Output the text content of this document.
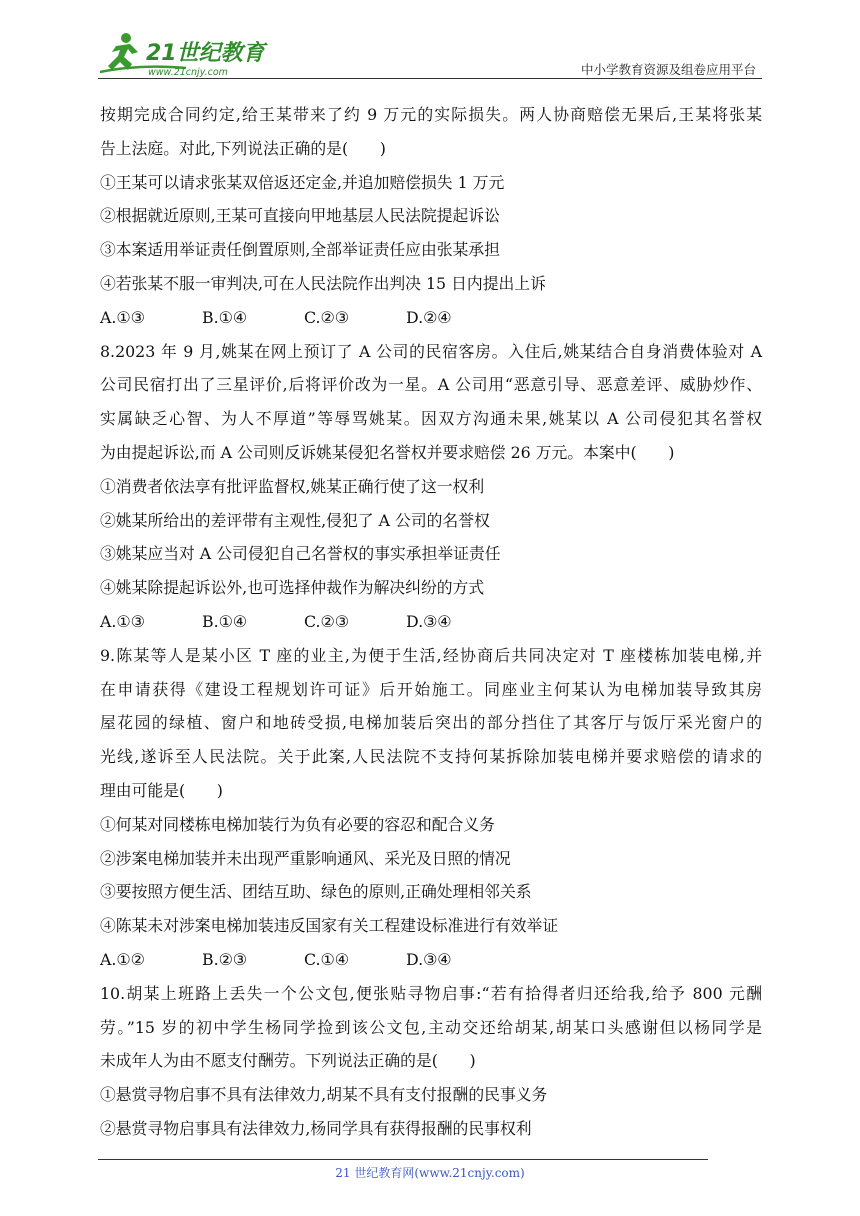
21世纪教育
www.21cnjy.com	中小学教育资源及组卷应用平台
按期完成合同约定,给王某带来了约 9 万元的实际损失。两人协商赔偿无果后,王某将张某
告上法庭。对此,下列说法正确的是(　　)
①王某可以请求张某双倍返还定金,并追加赔偿损失 1 万元
②根据就近原则,王某可直接向甲地基层人民法院提起诉讼
③本案适用举证责任倒置原则,全部举证责任应由张某承担
④若张某不服一审判决,可在人民法院作出判决 15 日内提出上诉
A.①③	B.①④	C.②③	D.②④
8.2023 年 9 月,姚某在网上预订了 A 公司的民宿客房。入住后,姚某结合自身消费体验对 A
公司民宿打出了三星评价,后将评价改为一星。A 公司用“恶意引导、恶意差评、威胁炒作、
实属缺乏心智、为人不厚道”等辱骂姚某。因双方沟通未果,姚某以 A 公司侵犯其名誉权
为由提起诉讼,而 A 公司则反诉姚某侵犯名誉权并要求赔偿 26 万元。本案中(　　)
①消费者依法享有批评监督权,姚某正确行使了这一权利
②姚某所给出的差评带有主观性,侵犯了 A 公司的名誉权
③姚某应当对 A 公司侵犯自己名誉权的事实承担举证责任
④姚某除提起诉讼外,也可选择仲裁作为解决纠纷的方式
A.①③	B.①④	C.②③	D.③④
9.陈某等人是某小区 T 座的业主,为便于生活,经协商后共同决定对 T 座楼栋加装电梯,并
在申请获得《建设工程规划许可证》后开始施工。同座业主何某认为电梯加装导致其房
屋花园的绿植、窗户和地砖受损,电梯加装后突出的部分挡住了其客厅与饭厅采光窗户的
光线,遂诉至人民法院。关于此案,人民法院不支持何某拆除加装电梯并要求赔偿的请求的
理由可能是(　　)
①何某对同楼栋电梯加装行为负有必要的容忍和配合义务
②涉案电梯加装并未出现严重影响通风、采光及日照的情况
③要按照方便生活、团结互助、绿色的原则,正确处理相邻关系
④陈某未对涉案电梯加装违反国家有关工程建设标准进行有效举证
A.①②	B.②③	C.①④	D.③④
10.胡某上班路上丢失一个公文包,便张贴寻物启事:“若有拾得者归还给我,给予 800 元酬
劳。”15 岁的初中学生杨同学捡到该公文包,主动交还给胡某,胡某口头感谢但以杨同学是
未成年人为由不愿支付酬劳。下列说法正确的是(　　)
①悬赏寻物启事不具有法律效力,胡某不具有支付报酬的民事义务
②悬赏寻物启事具有法律效力,杨同学具有获得报酬的民事权利
21 世纪教育网(www.21cnjy.com)
